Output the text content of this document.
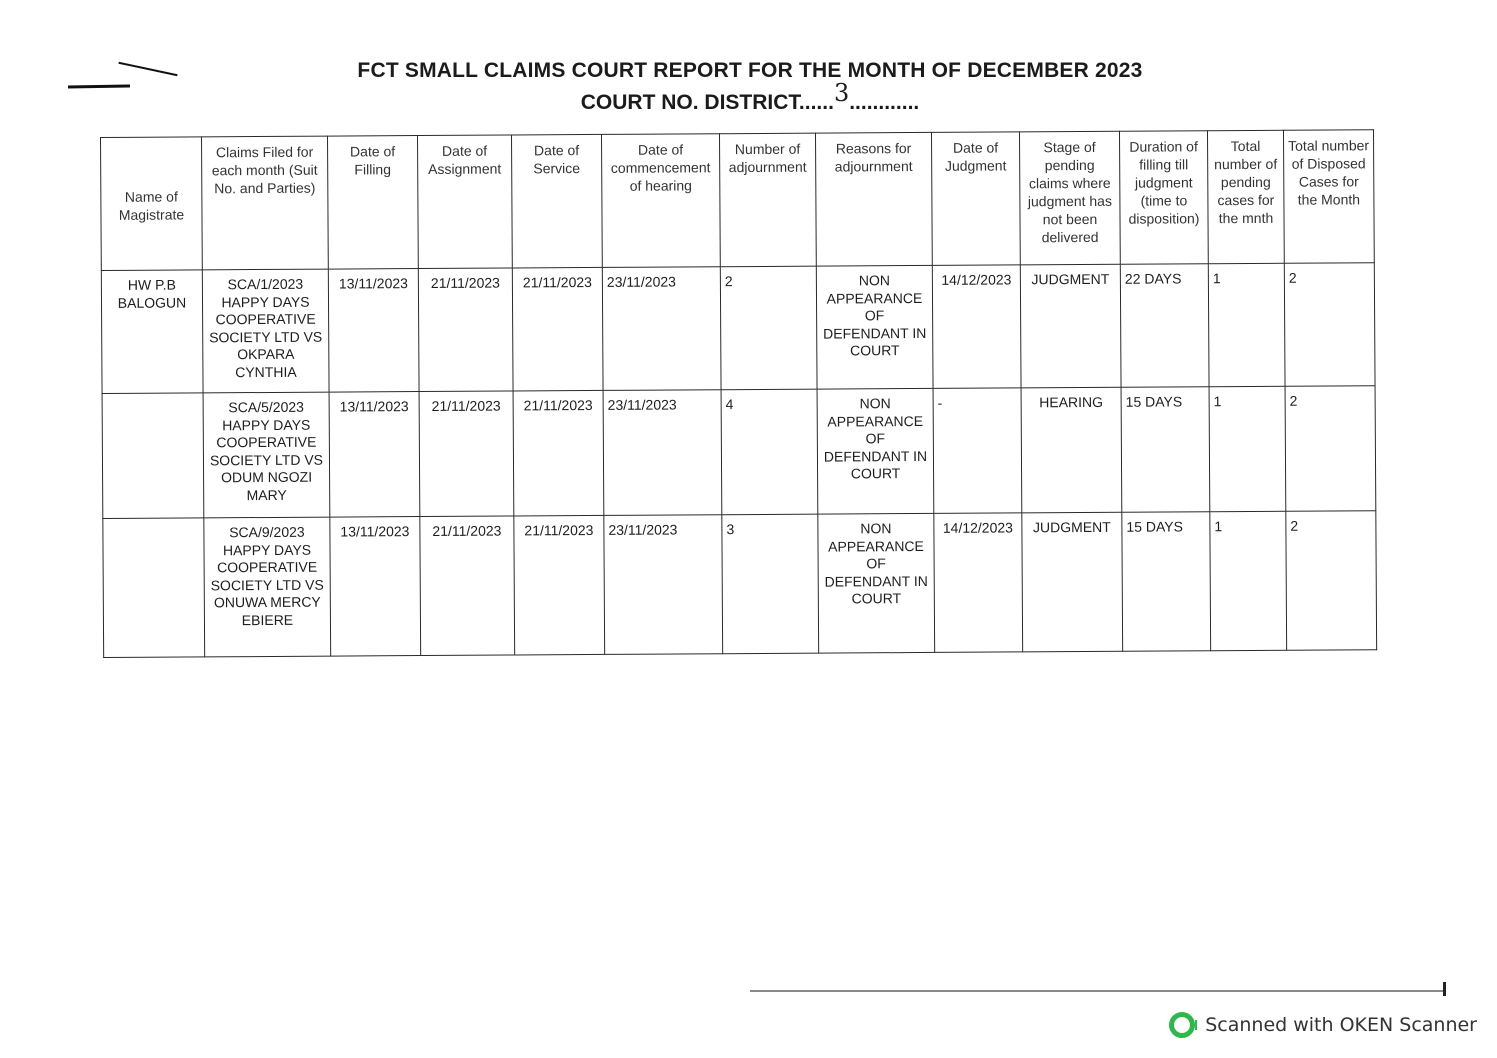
FCT SMALL CLAIMS COURT REPORT FOR THE MONTH OF DECEMBER 2023
COURT NO. DISTRICT......3............
Name of Magistrate	Claims Filed for each month (Suit No. and Parties)	Date of Filling	Date of Assignment	Date of Service	Date of commencement of hearing	Number of adjournment	Reasons for adjournment	Date of Judgment	Stage of pending claims where judgment has not been delivered	Duration of filling till judgment (time to disposition)	Total number of pending cases for the mnth	Total number of Disposed Cases for the Month
HW P.B BALOGUN	SCA/1/2023 HAPPY DAYS COOPERATIVE SOCIETY LTD VS OKPARA CYNTHIA	13/11/2023	21/11/2023	21/11/2023	23/11/2023	2	NON APPEARANCE OF DEFENDANT IN COURT	14/12/2023	JUDGMENT	22 DAYS	1	2
	SCA/5/2023 HAPPY DAYS COOPERATIVE SOCIETY LTD VS ODUM NGOZI MARY	13/11/2023	21/11/2023	21/11/2023	23/11/2023	4	NON APPEARANCE OF DEFENDANT IN COURT	-	HEARING	15 DAYS	1	2
	SCA/9/2023 HAPPY DAYS COOPERATIVE SOCIETY LTD VS ONUWA MERCY EBIERE	13/11/2023	21/11/2023	21/11/2023	23/11/2023	3	NON APPEARANCE OF DEFENDANT IN COURT	14/12/2023	JUDGMENT	15 DAYS	1	2
Scanned with OKEN Scanner
